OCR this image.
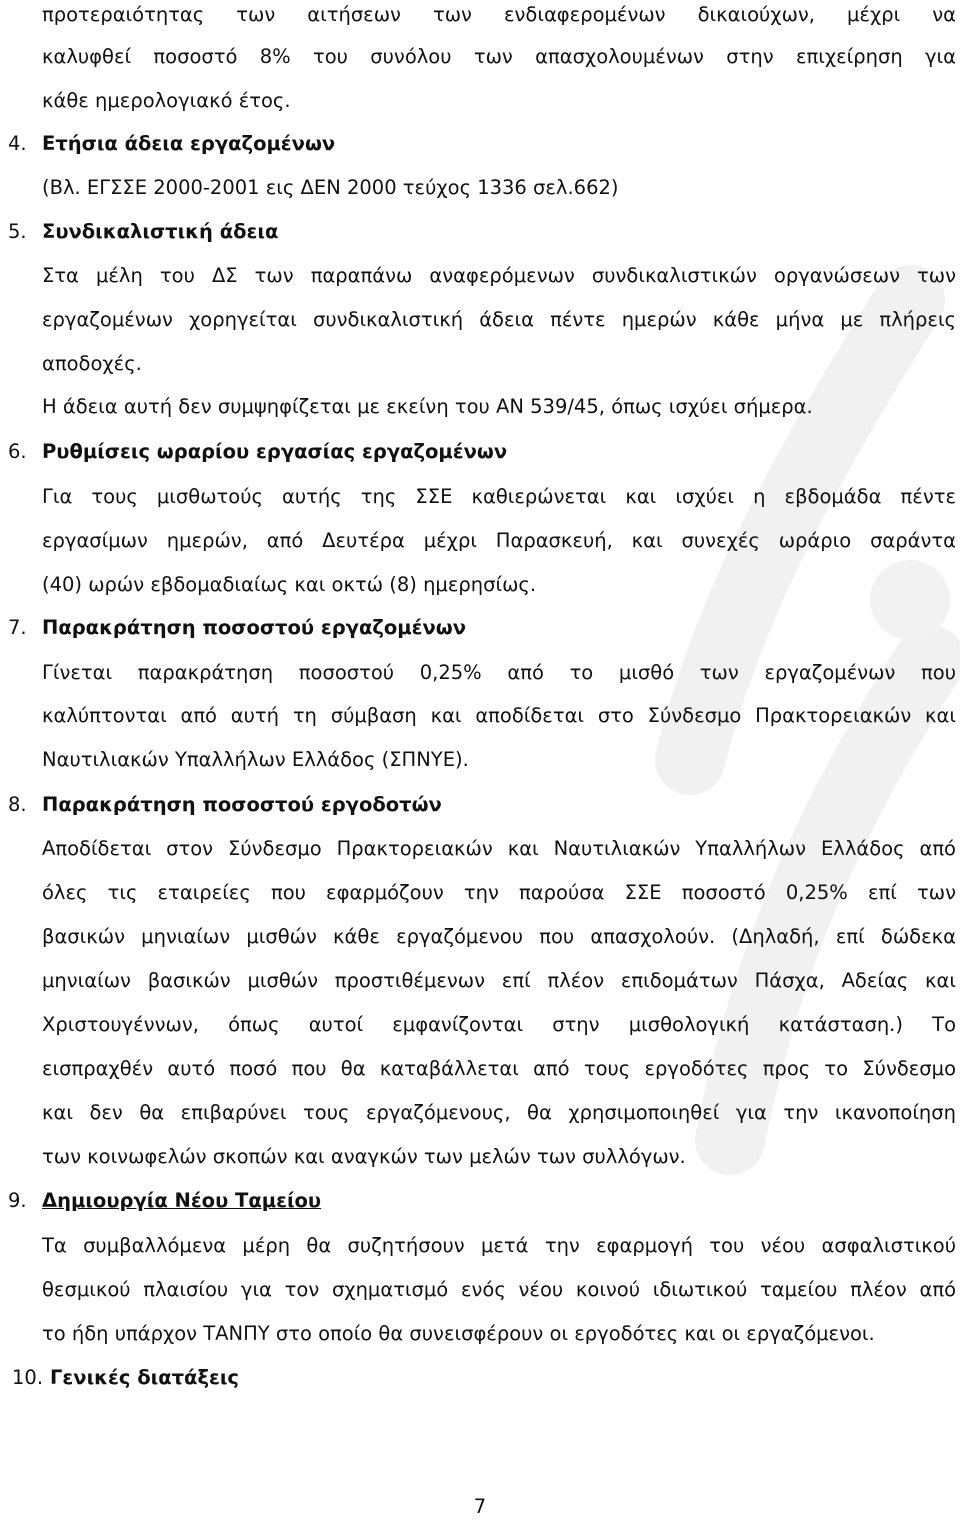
προτεραιότητας των αιτήσεων των ενδιαφερομένων δικαιούχων, μέχρι να
καλυφθεί ποσοστό 8% του συνόλου των απασχολουμένων στην επιχείρηση για
κάθε ημερολογιακό έτος.
4. Ετήσια άδεια εργαζομένων
(Βλ. ΕΓΣΣΕ 2000-2001 εις ΔΕΝ 2000 τεύχος 1336 σελ.662)
5. Συνδικαλιστική άδεια
Στα μέλη του ΔΣ των παραπάνω αναφερόμενων συνδικαλιστικών οργανώσεων των
εργαζομένων χορηγείται συνδικαλιστική άδεια πέντε ημερών κάθε μήνα με πλήρεις
αποδοχές.
Η άδεια αυτή δεν συμψηφίζεται με εκείνη του ΑΝ 539/45, όπως ισχύει σήμερα.
6. Ρυθμίσεις ωραρίου εργασίας εργαζομένων
Για τους μισθωτούς αυτής της ΣΣΕ καθιερώνεται και ισχύει η εβδομάδα πέντε
εργασίμων ημερών, από Δευτέρα μέχρι Παρασκευή, και συνεχές ωράριο σαράντα
(40) ωρών εβδομαδιαίως και οκτώ (8) ημερησίως.
7. Παρακράτηση ποσοστού εργαζομένων
Γίνεται παρακράτηση ποσοστού 0,25% από το μισθό των εργαζομένων που
καλύπτονται από αυτή τη σύμβαση και αποδίδεται στο Σύνδεσμο Πρακτορειακών και
Ναυτιλιακών Υπαλλήλων Ελλάδος (ΣΠΝΥΕ).
8. Παρακράτηση ποσοστού εργοδοτών
Αποδίδεται στον Σύνδεσμο Πρακτορειακών και Ναυτιλιακών Υπαλλήλων Ελλάδος από
όλες τις εταιρείες που εφαρμόζουν την παρούσα ΣΣΕ ποσοστό 0,25% επί των
βασικών μηνιαίων μισθών κάθε εργαζόμενου που απασχολούν. (Δηλαδή, επί δώδεκα
μηνιαίων βασικών μισθών προστιθέμενων επί πλέον επιδομάτων Πάσχα, Αδείας και
Χριστουγέννων, όπως αυτοί εμφανίζονται στην μισθολογική κατάσταση.) Το
εισπραχθέν αυτό ποσό που θα καταβάλλεται από τους εργοδότες προς το Σύνδεσμο
και δεν θα επιβαρύνει τους εργαζόμενους, θα χρησιμοποιηθεί για την ικανοποίηση
των κοινωφελών σκοπών και αναγκών των μελών των συλλόγων.
9. Δημιουργία Νέου Ταμείου
Τα συμβαλλόμενα μέρη θα συζητήσουν μετά την εφαρμογή του νέου ασφαλιστικού
θεσμικού πλαισίου για τον σχηματισμό ενός νέου κοινού ιδιωτικού ταμείου πλέον από
το ήδη υπάρχον ΤΑΝΠΥ στο οποίο θα συνεισφέρουν οι εργοδότες και οι εργαζόμενοι.
10. Γενικές διατάξεις
7
